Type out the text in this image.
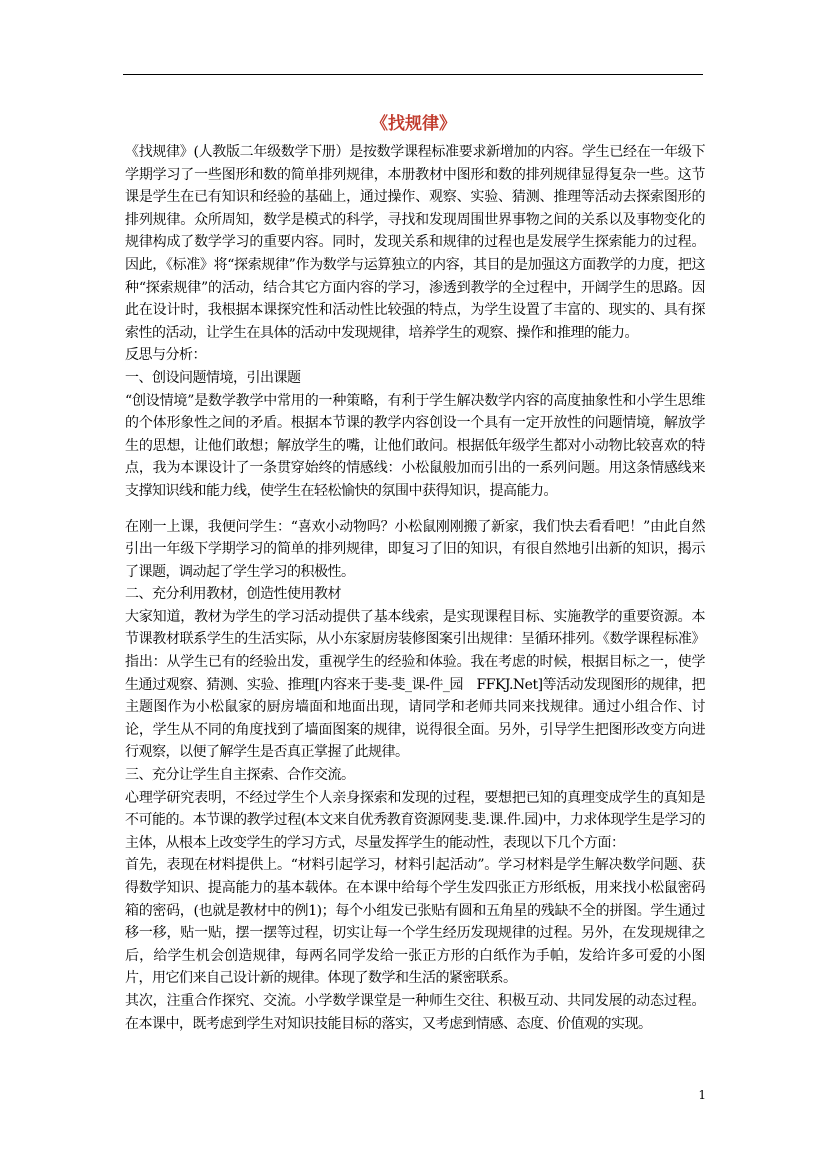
《找规律》

《找规律》(人教版二年级数学下册）是按数学课程标准要求新增加的内容。学生已经在一年级下学期学习了一些图形和数的简单排列规律，本册教材中图形和数的排列规律显得复杂一些。这节课是学生在已有知识和经验的基础上，通过操作、观察、实验、猜测、推理等活动去探索图形的排列规律。众所周知，数学是模式的科学，寻找和发现周围世界事物之间的关系以及事物变化的规律构成了数学学习的重要内容。同时，发现关系和规律的过程也是发展学生探索能力的过程。因此，《标准》将“探索规律”作为数学与运算独立的内容，其目的是加强这方面教学的力度，把这种“探索规律”的活动，结合其它方面内容的学习，渗透到教学的全过程中，开阔学生的思路。因此在设计时，我根据本课探究性和活动性比较强的特点，为学生设置了丰富的、现实的、具有探索性的活动，让学生在具体的活动中发现规律，培养学生的观察、操作和推理的能力。

反思与分析：

一、创设问题情境，引出课题

“创设情境”是数学教学中常用的一种策略，有利于学生解决数学内容的高度抽象性和小学生思维的个体形象性之间的矛盾。根据本节课的教学内容创设一个具有一定开放性的问题情境，解放学生的思想，让他们敢想；解放学生的嘴，让他们敢问。根据低年级学生都对小动物比较喜欢的特点，我为本课设计了一条贯穿始终的情感线：小松鼠般加而引出的一系列问题。用这条情感线来支撑知识线和能力线，使学生在轻松愉快的氛围中获得知识，提高能力。

在刚一上课，我便问学生：“喜欢小动物吗？小松鼠刚刚搬了新家，我们快去看看吧！”由此自然引出一年级下学期学习的简单的排列规律，即复习了旧的知识，有很自然地引出新的知识，揭示了课题，调动起了学生学习的积极性。

二、充分利用教材，创造性使用教材

大家知道，教材为学生的学习活动提供了基本线索，是实现课程目标、实施教学的重要资源。本节课教材联系学生的生活实际，从小东家厨房装修图案引出规律：呈循环排列。《数学课程标准》指出：从学生已有的经验出发，重视学生的经验和体验。我在考虑的时候，根据目标之一，使学生通过观察、猜测、实验、推理[内容来于斐-斐_课-件_园　FFKJ.Net]等活动发现图形的规律，把主题图作为小松鼠家的厨房墙面和地面出现，请同学和老师共同来找规律。通过小组合作、讨论，学生从不同的角度找到了墙面图案的规律，说得很全面。另外，引导学生把图形改变方向进行观察，以便了解学生是否真正掌握了此规律。

三、充分让学生自主探索、合作交流。

心理学研究表明，不经过学生个人亲身探索和发现的过程，要想把已知的真理变成学生的真知是不可能的。本节课的教学过程(本文来自优秀教育资源网斐.斐.课.件.园)中，力求体现学生是学习的主体，从根本上改变学生的学习方式，尽量发挥学生的能动性，表现以下几个方面：

首先，表现在材料提供上。“材料引起学习，材料引起活动”。学习材料是学生解决数学问题、获得数学知识、提高能力的基本载体。在本课中给每个学生发四张正方形纸板，用来找小松鼠密码箱的密码，(也就是教材中的例1)；每个小组发已张贴有圆和五角星的残缺不全的拼图。学生通过移一移，贴一贴，摆一摆等过程，切实让每一个学生经历发现规律的过程。另外，在发现规律之后，给学生机会创造规律，每两名同学发给一张正方形的白纸作为手帕，发给许多可爱的小图片，用它们来自己设计新的规律。体现了数学和生活的紧密联系。

其次，注重合作探究、交流。小学数学课堂是一种师生交往、积极互动、共同发展的动态过程。在本课中，既考虑到学生对知识技能目标的落实，又考虑到情感、态度、价值观的实现。

1
